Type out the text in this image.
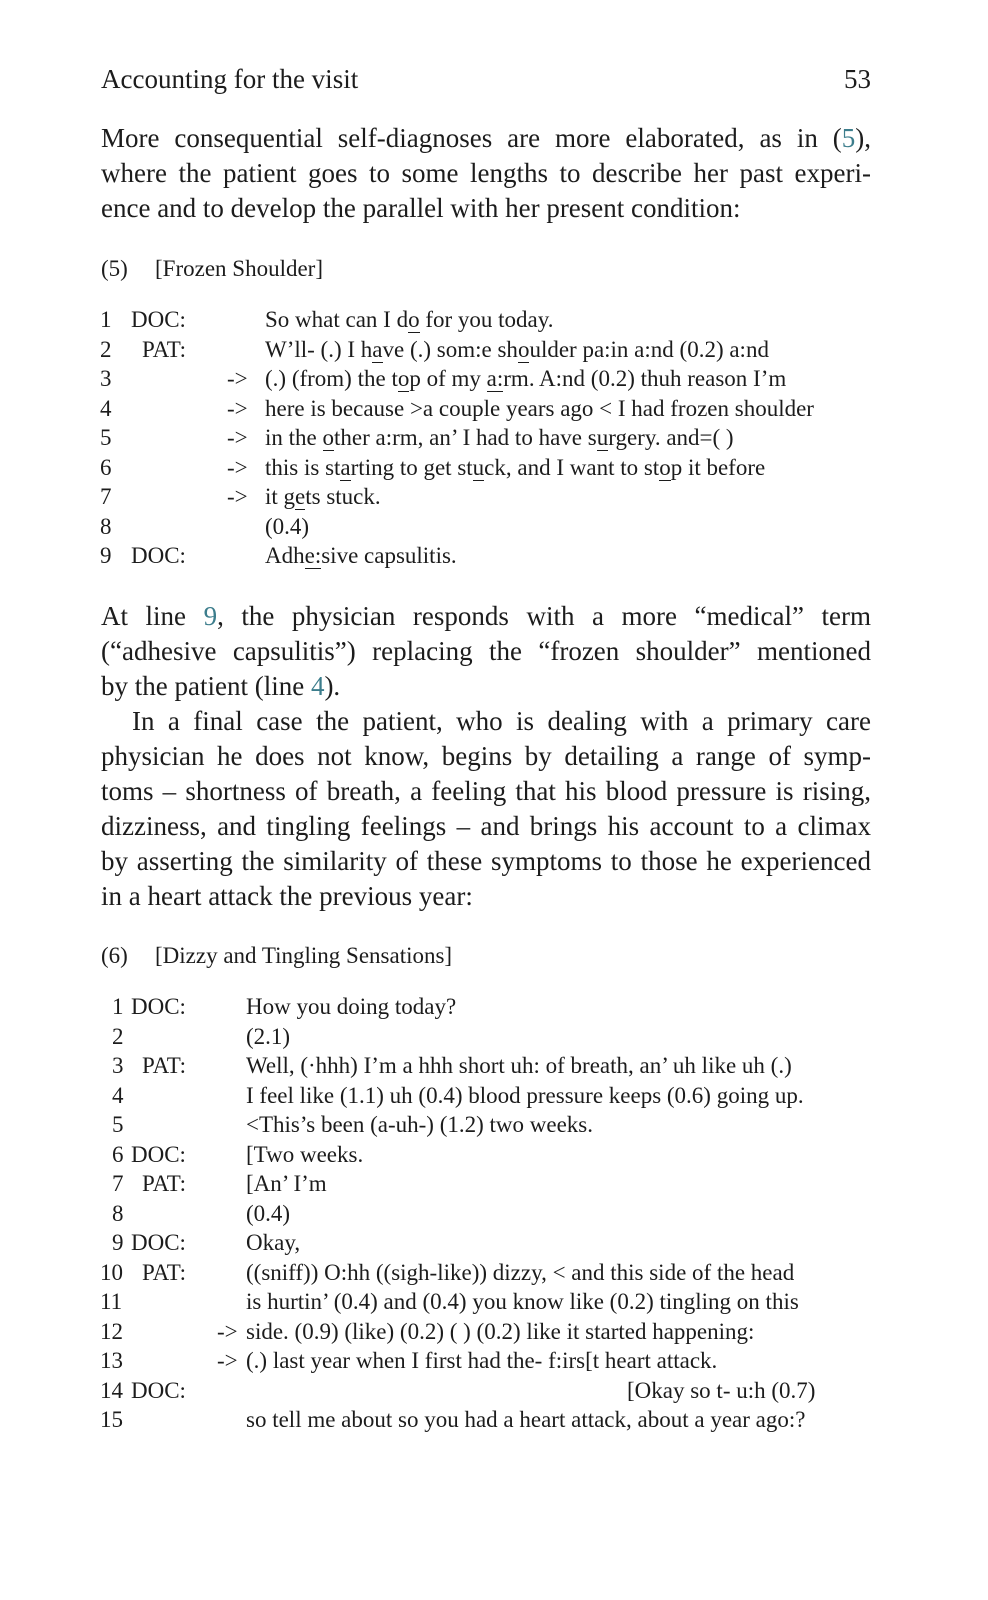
Accounting for the visit	53
More consequential self-diagnoses are more elaborated, as in (5),
where the patient goes to some lengths to describe her past experi-
ence and to develop the parallel with her present condition:
(5) [Frozen Shoulder]
1 DOC:	So what can I do for you today.
2 PAT:	W’ll- (.) I have (.) som:e shoulder pa:in a:nd (0.2) a:nd
3	-> (.) (from) the top of my a:rm. A:nd (0.2) thuh reason I’m
4	-> here is because >a couple years ago < I had frozen shoulder
5	-> in the other a:rm, an’ I had to have surgery. and=( )
6	-> this is starting to get stuck, and I want to stop it before
7	-> it gets stuck.
8	(0.4)
9 DOC:	Adhe:sive capsulitis.
At line 9, the physician responds with a more “medical” term
(“adhesive capsulitis”) replacing the “frozen shoulder” mentioned
by the patient (line 4).
In a final case the patient, who is dealing with a primary care
physician he does not know, begins by detailing a range of symp-
toms – shortness of breath, a feeling that his blood pressure is rising,
dizziness, and tingling feelings – and brings his account to a climax
by asserting the similarity of these symptoms to those he experienced
in a heart attack the previous year:
(6) [Dizzy and Tingling Sensations]
1 DOC:	How you doing today?
2	(2.1)
3 PAT:	Well, (·hhh) I’m a hhh short uh: of breath, an’ uh like uh (.)
4	I feel like (1.1) uh (0.4) blood pressure keeps (0.6) going up.
5	<This’s been (a-uh-) (1.2) two weeks.
6 DOC:	[Two weeks.
7 PAT:	[An’ I’m
8	(0.4)
9 DOC:	Okay,
10 PAT:	((sniff)) O:hh ((sigh-like)) dizzy, < and this side of the head
11	is hurtin’ (0.4) and (0.4) you know like (0.2) tingling on this
12	-> side. (0.9) (like) (0.2) ( ) (0.2) like it started happening:
13	-> (.) last year when I first had the- f:irs[t heart attack.
14 DOC:	[Okay so t- u:h (0.7)
15	so tell me about so you had a heart attack, about a year ago:?
